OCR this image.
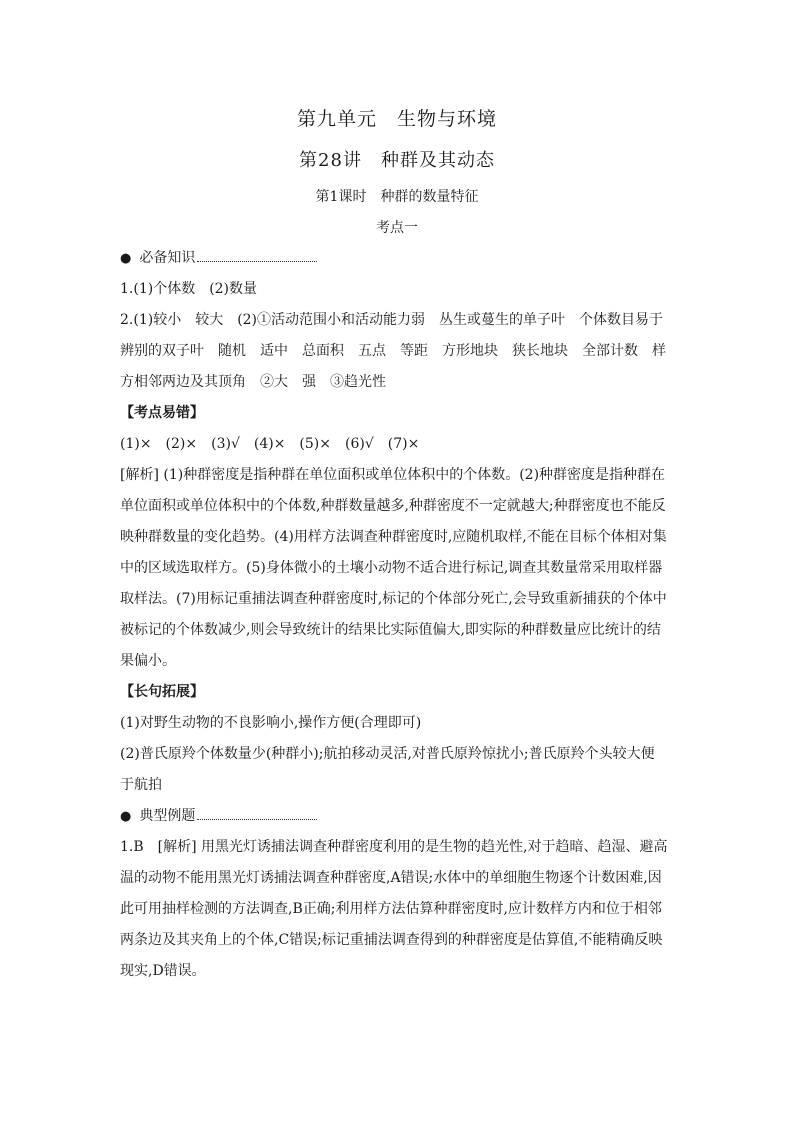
第九单元　生物与环境
第28讲　种群及其动态
第1课时　种群的数量特征
考点一

● 必备知识

1.(1)个体数　(2)数量

2.(1)较小　较大　(2)①活动范围小和活动能力弱　丛生或蔓生的单子叶　个体数目易于

辨别的双子叶　随机　适中　总面积　五点　等距　方形地块　狭长地块　全部计数　样

方相邻两边及其顶角　②大　强　③趋光性

【考点易错】

(1)×　(2)×　(3)√　(4)×　(5)×　(6)√　(7)×

[解析] (1)种群密度是指种群在单位面积或单位体积中的个体数。(2)种群密度是指种群在

单位面积或单位体积中的个体数,种群数量越多,种群密度不一定就越大;种群密度也不能反

映种群数量的变化趋势。(4)用样方法调查种群密度时,应随机取样,不能在目标个体相对集

中的区域选取样方。(5)身体微小的土壤小动物不适合进行标记,调查其数量常采用取样器

取样法。(7)用标记重捕法调查种群密度时,标记的个体部分死亡,会导致重新捕获的个体中

被标记的个体数减少,则会导致统计的结果比实际值偏大,即实际的种群数量应比统计的结

果偏小。

【长句拓展】

(1)对野生动物的不良影响小,操作方便(合理即可)

(2)普氏原羚个体数量少(种群小);航拍移动灵活,对普氏原羚惊扰小;普氏原羚个头较大便

于航拍

● 典型例题

1.B　[解析] 用黑光灯诱捕法调查种群密度利用的是生物的趋光性,对于趋暗、趋湿、避高

温的动物不能用黑光灯诱捕法调查种群密度,A错误;水体中的单细胞生物逐个计数困难,因

此可用抽样检测的方法调查,B正确;利用样方法估算种群密度时,应计数样方内和位于相邻

两条边及其夹角上的个体,C错误;标记重捕法调查得到的种群密度是估算值,不能精确反映

现实,D错误。
